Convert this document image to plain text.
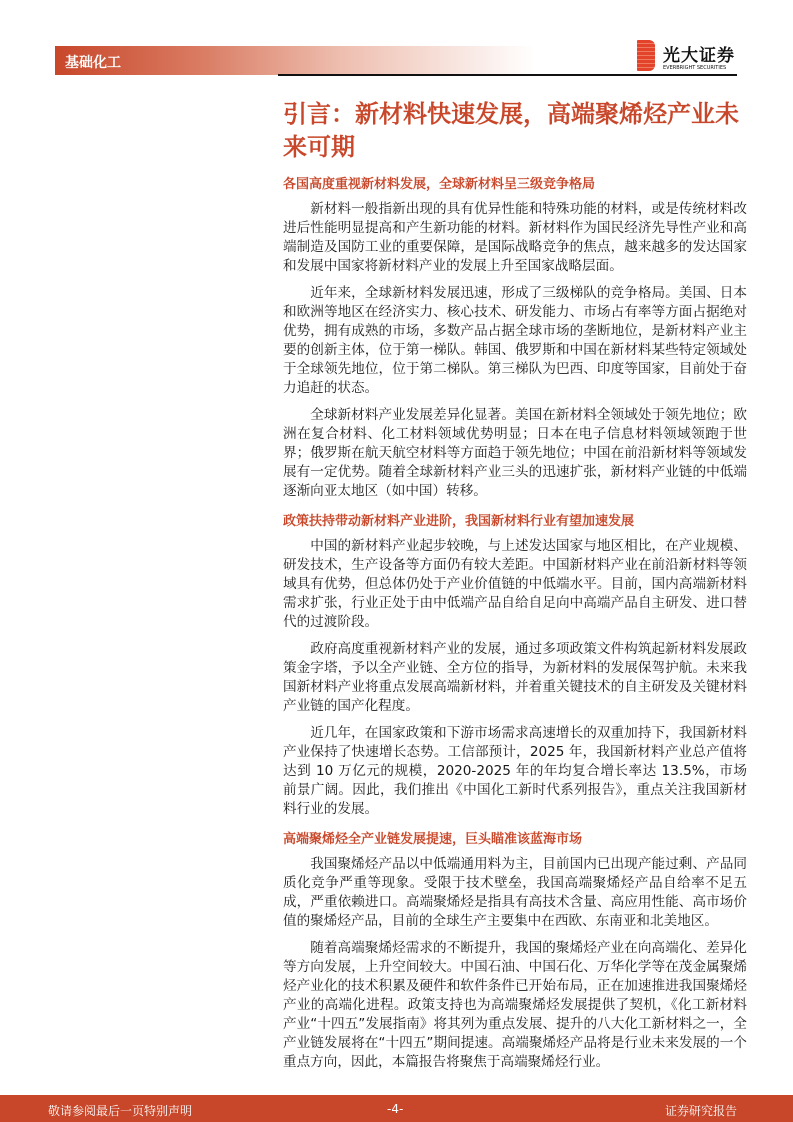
基础化工	光大证券
EVERBRIGHT SECURITIES
引言：新材料快速发展，高端聚烯烃产业未来可期
各国高度重视新材料发展，全球新材料呈三级竞争格局

新材料一般指新出现的具有优异性能和特殊功能的材料，或是传统材料改进后性能明显提高和产生新功能的材料。新材料作为国民经济先导性产业和高端制造及国防工业的重要保障，是国际战略竞争的焦点，越来越多的发达国家和发展中国家将新材料产业的发展上升至国家战略层面。

近年来，全球新材料发展迅速，形成了三级梯队的竞争格局。美国、日本和欧洲等地区在经济实力、核心技术、研发能力、市场占有率等方面占据绝对优势，拥有成熟的市场，多数产品占据全球市场的垄断地位，是新材料产业主要的创新主体，位于第一梯队。韩国、俄罗斯和中国在新材料某些特定领域处于全球领先地位，位于第二梯队。第三梯队为巴西、印度等国家，目前处于奋力追赶的状态。

全球新材料产业发展差异化显著。美国在新材料全领域处于领先地位；欧洲在复合材料、化工材料领域优势明显；日本在电子信息材料领域领跑于世界；俄罗斯在航天航空材料等方面趋于领先地位；中国在前沿新材料等领域发展有一定优势。随着全球新材料产业三头的迅速扩张，新材料产业链的中低端逐渐向亚太地区（如中国）转移。

政策扶持带动新材料产业进阶，我国新材料行业有望加速发展

中国的新材料产业起步较晚，与上述发达国家与地区相比，在产业规模、研发技术，生产设备等方面仍有较大差距。中国新材料产业在前沿新材料等领域具有优势，但总体仍处于产业价值链的中低端水平。目前，国内高端新材料需求扩张，行业正处于由中低端产品自给自足向中高端产品自主研发、进口替代的过渡阶段。

政府高度重视新材料产业的发展，通过多项政策文件构筑起新材料发展政策金字塔，予以全产业链、全方位的指导，为新材料的发展保驾护航。未来我国新材料产业将重点发展高端新材料，并着重关键技术的自主研发及关键材料产业链的国产化程度。

近几年，在国家政策和下游市场需求高速增长的双重加持下，我国新材料产业保持了快速增长态势。工信部预计，2025 年，我国新材料产业总产值将达到 10 万亿元的规模，2020-2025 年的年均复合增长率达 13.5%，市场前景广阔。因此，我们推出《中国化工新时代系列报告》，重点关注我国新材料行业的发展。

高端聚烯烃全产业链发展提速，巨头瞄准该蓝海市场

我国聚烯烃产品以中低端通用料为主，目前国内已出现产能过剩、产品同质化竞争严重等现象。受限于技术壁垒，我国高端聚烯烃产品自给率不足五成，严重依赖进口。高端聚烯烃是指具有高技术含量、高应用性能、高市场价值的聚烯烃产品，目前的全球生产主要集中在西欧、东南亚和北美地区。

随着高端聚烯烃需求的不断提升，我国的聚烯烃产业在向高端化、差异化等方向发展，上升空间较大。中国石油、中国石化、万华化学等在茂金属聚烯烃产业化的技术积累及硬件和软件条件已开始布局，正在加速推进我国聚烯烃产业的高端化进程。政策支持也为高端聚烯烃发展提供了契机，《化工新材料产业“十四五”发展指南》将其列为重点发展、提升的八大化工新材料之一，全产业链发展将在“十四五”期间提速。高端聚烯烃产品将是行业未来发展的一个重点方向，因此，本篇报告将聚焦于高端聚烯烃行业。

敬请参阅最后一页特别声明	-4-	证券研究报告
